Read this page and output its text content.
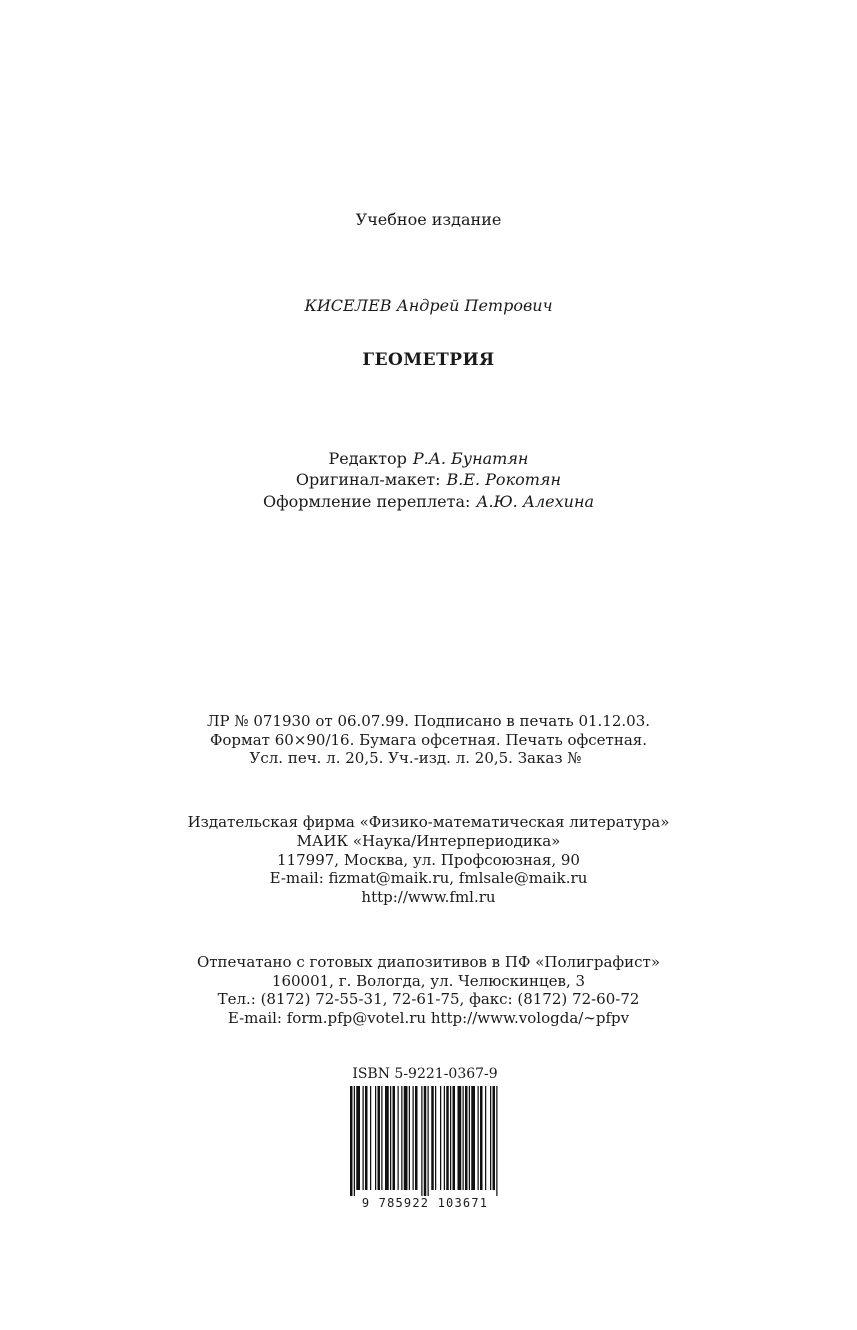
Учебное издание
КИСЕЛЕВ Андрей Петрович
ГЕОМЕТРИЯ
Редактор Р.А. Бунатян
Оригинал-макет: В.Е. Рокотян
Оформление переплета: А.Ю. Алехина
ЛР № 071930 от 06.07.99. Подписано в печать 01.12.03.
Формат 60×90/16. Бумага офсетная. Печать офсетная.
Усл. печ. л. 20,5. Уч.-изд. л. 20,5. Заказ №
Издательская фирма «Физико-математическая литература»
МАИК «Наука/Интерпериодика»
117997, Москва, ул. Профсоюзная, 90
E-mail: fizmat@maik.ru, fmlsale@maik.ru
http://www.fml.ru
Отпечатано с готовых диапозитивов в ПФ «Полиграфист»
160001, г. Вологда, ул. Челюскинцев, 3
Тел.: (8172) 72-55-31, 72-61-75, факс: (8172) 72-60-72
E-mail: form.pfp@votel.ru http://www.vologda/∼pfpv
ISBN 5-9221-0367-9
9 785922 103671
